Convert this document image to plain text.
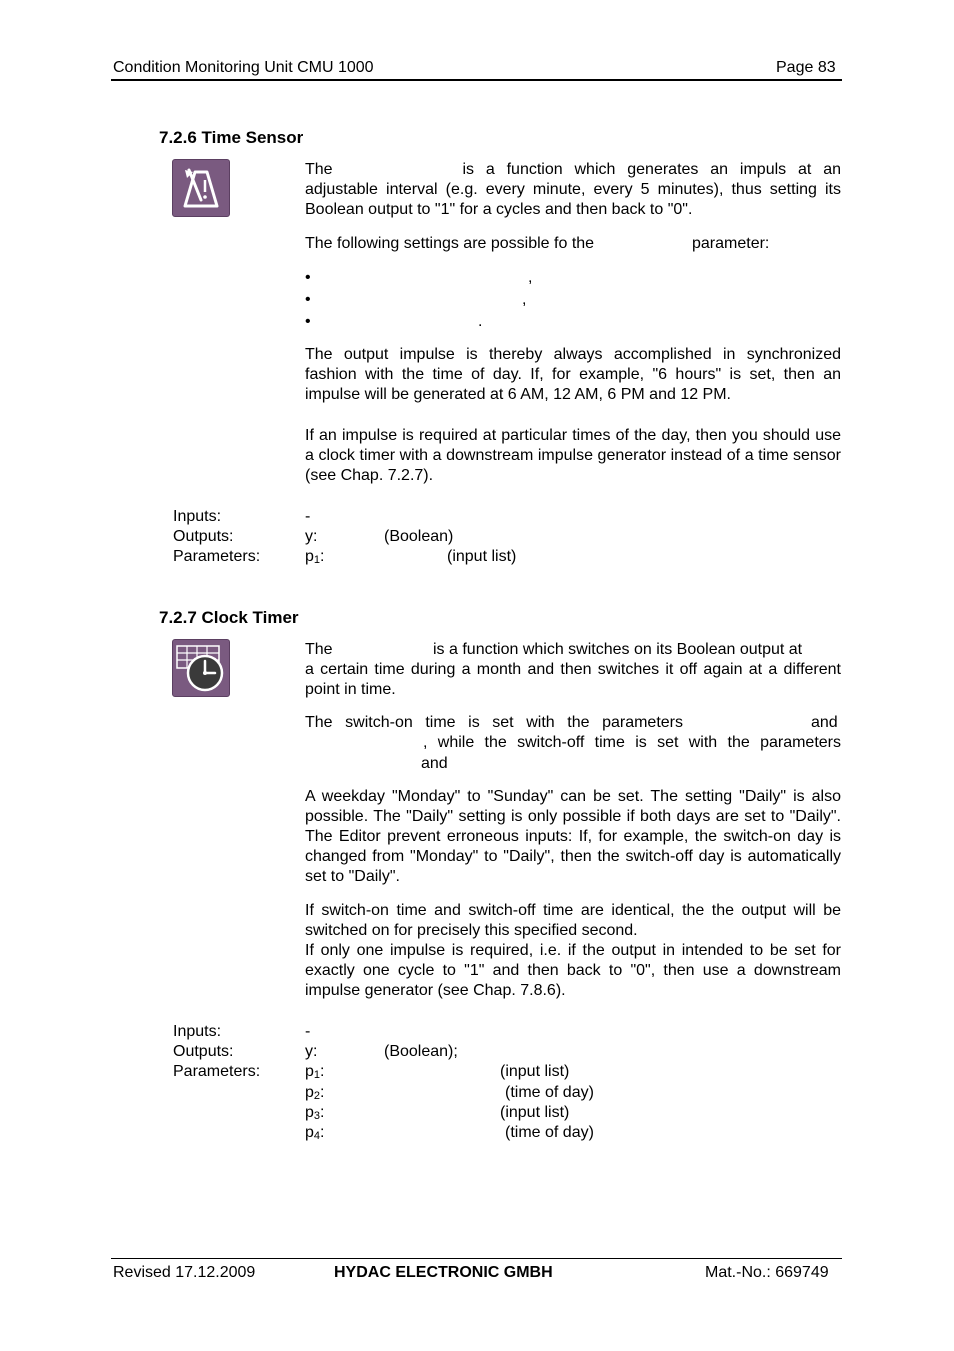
Condition Monitoring Unit CMU 1000	Page 83
7.2.6 Time Sensor

The	is a function which generates an impuls at an adjustable interval (e.g. every minute, every 5 minutes), thus setting its Boolean output to "1" for a cycles and then back to "0".

The following settings are possible fo the	parameter:
•	,
•	,
•	.

The output impulse is thereby always accomplished in synchronized fashion with the time of day. If, for example, "6 hours" is set, then an impulse will be generated at 6 AM, 12 AM, 6 PM and 12 PM.

If an impulse is required at particular times of the day, then you should use a clock timer with a downstream impulse generator instead of a time sensor (see Chap. 7.2.7).

Inputs:	-
Outputs:	y:	(Boolean)
Parameters:	$p_1$:	(input list)
7.2.7 Clock Timer
The	is a function which switches on its Boolean output at

a certain time during a month and then switches it off again at a different point in time.

The switch-on time is set with the parameters	and
, while the switch-off time is set with the parameters
and

A weekday "Monday" to "Sunday" can be set. The setting "Daily" is also possible. The "Daily" setting is only possible if both days are set to "Daily". The Editor prevent erroneous inputs: If, for example, the switch-on day is changed from "Monday" to "Daily", then the switch-off day is automatically set to "Daily".

If switch-on time and switch-off time are identical, the the output will be switched on for precisely this specified second.

If only one impulse is required, i.e. if the output in intended to be set for exactly one cycle to "1" and then back to "0", then use a downstream impulse generator (see Chap. 7.8.6).

Inputs:	-
Outputs:	y:	(Boolean);
Parameters:	$p_1$:	(input list)
$p_2$:	(time of day)
$p_3$:	(input list)
$p_4$:	(time of day)
Revised 17.12.2009	HYDAC ELECTRONIC GMBH	Mat.-No.: 669749
